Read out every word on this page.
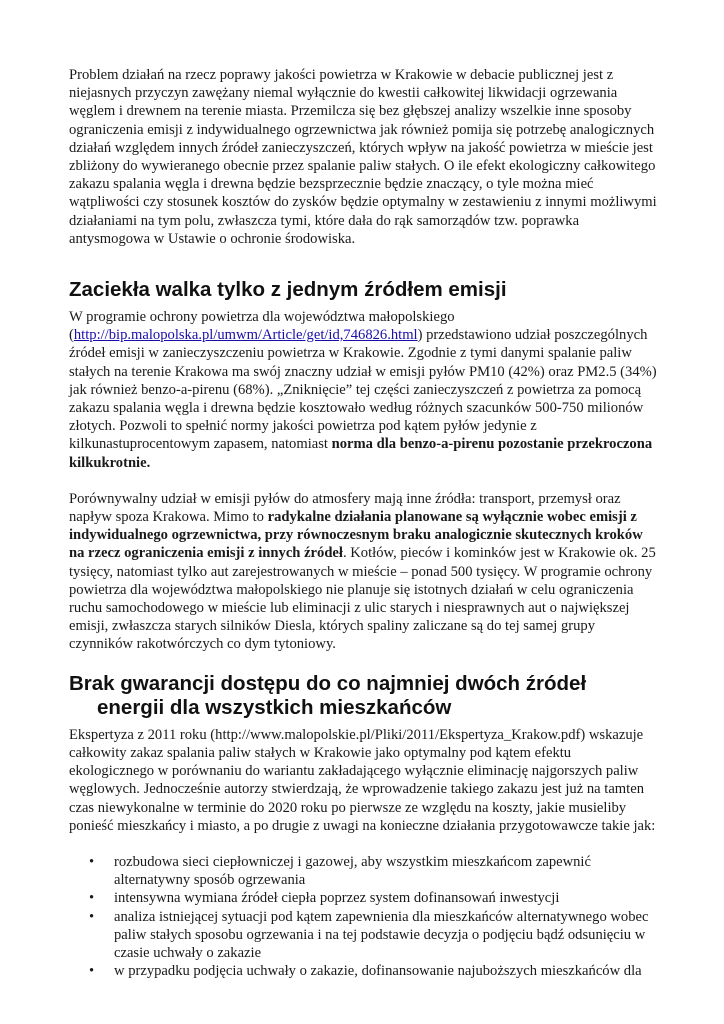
Problem działań na rzecz poprawy jakości powietrza w Krakowie w debacie publicznej jest z niejasnych przyczyn zawężany niemal wyłącznie do kwestii całkowitej likwidacji ogrzewania węglem i drewnem na terenie miasta. Przemilcza się bez głębszej analizy wszelkie inne sposoby ograniczenia emisji z indywidualnego ogrzewnictwa jak również pomija się potrzebę analogicznych działań względem innych źródeł zanieczyszczeń, których wpływ na jakość powietrza w mieście jest zbliżony do wywieranego obecnie przez spalanie paliw stałych. O ile efekt ekologiczny całkowitego zakazu spalania węgla i drewna będzie bezsprzecznie będzie znaczący, o tyle można mieć wątpliwości czy stosunek kosztów do zysków będzie optymalny w zestawieniu z innymi możliwymi działaniami na tym polu, zwłaszcza tymi, które dała do rąk samorządów tzw. poprawka antysmogowa w Ustawie o ochronie środowiska.

Zaciekła walka tylko z jednym źródłem emisji

W programie ochrony powietrza dla województwa małopolskiego (http://bip.malopolska.pl/umwm/Article/get/id,746826.html) przedstawiono udział poszczególnych źródeł emisji w zanieczyszczeniu powietrza w Krakowie. Zgodnie z tymi danymi spalanie paliw stałych na terenie Krakowa ma swój znaczny udział w emisji pyłów PM10 (42%) oraz PM2.5 (34%) jak również benzo-a-pirenu (68%). „Zniknięcie” tej części zanieczyszczeń z powietrza za pomocą zakazu spalania węgla i drewna będzie kosztowało według różnych szacunków 500-750 milionów złotych. Pozwoli to spełnić normy jakości powietrza pod kątem pyłów jedynie z kilkunastuprocentowym zapasem, natomiast norma dla benzo-a-pirenu pozostanie przekroczona kilkukrotnie.

Porównywalny udział w emisji pyłów do atmosfery mają inne źródła: transport, przemysł oraz napływ spoza Krakowa. Mimo to radykalne działania planowane są wyłącznie wobec emisji z indywidualnego ogrzewnictwa, przy równoczesnym braku analogicznie skutecznych kroków na rzecz ograniczenia emisji z innych źródeł. Kotłów, pieców i kominków jest w Krakowie ok. 25 tysięcy, natomiast tylko aut zarejestrowanych w mieście – ponad 500 tysięcy. W programie ochrony powietrza dla województwa małopolskiego nie planuje się istotnych działań w celu ograniczenia ruchu samochodowego w mieście lub eliminacji z ulic starych i niesprawnych aut o największej emisji, zwłaszcza starych silników Diesla, których spaliny zaliczane są do tej samej grupy czynników rakotwórczych co dym tytoniowy.

Brak gwarancji dostępu do co najmniej dwóch źródeł energii dla wszystkich mieszkańców

Ekspertyza z 2011 roku (http://www.malopolskie.pl/Pliki/2011/Ekspertyza_Krakow.pdf) wskazuje całkowity zakaz spalania paliw stałych w Krakowie jako optymalny pod kątem efektu ekologicznego w porównaniu do wariantu zakładającego wyłącznie eliminację najgorszych paliw węglowych. Jednocześnie autorzy stwierdzają, że wprowadzenie takiego zakazu jest już na tamten czas niewykonalne w terminie do 2020 roku po pierwsze ze względu na koszty, jakie musieliby ponieść mieszkańcy i miasto, a po drugie z uwagi na konieczne działania przygotowawcze takie jak:

• rozbudowa sieci ciepłowniczej i gazowej, aby wszystkim mieszkańcom zapewnić alternatywny sposób ogrzewania
• intensywna wymiana źródeł ciepła poprzez system dofinansowań inwestycji
• analiza istniejącej sytuacji pod kątem zapewnienia dla mieszkańców alternatywnego wobec paliw stałych sposobu ogrzewania i na tej podstawie decyzja o podjęciu bądź odsunięciu w czasie uchwały o zakazie
• w przypadku podjęcia uchwały o zakazie, dofinansowanie najuboższych mieszkańców dla
